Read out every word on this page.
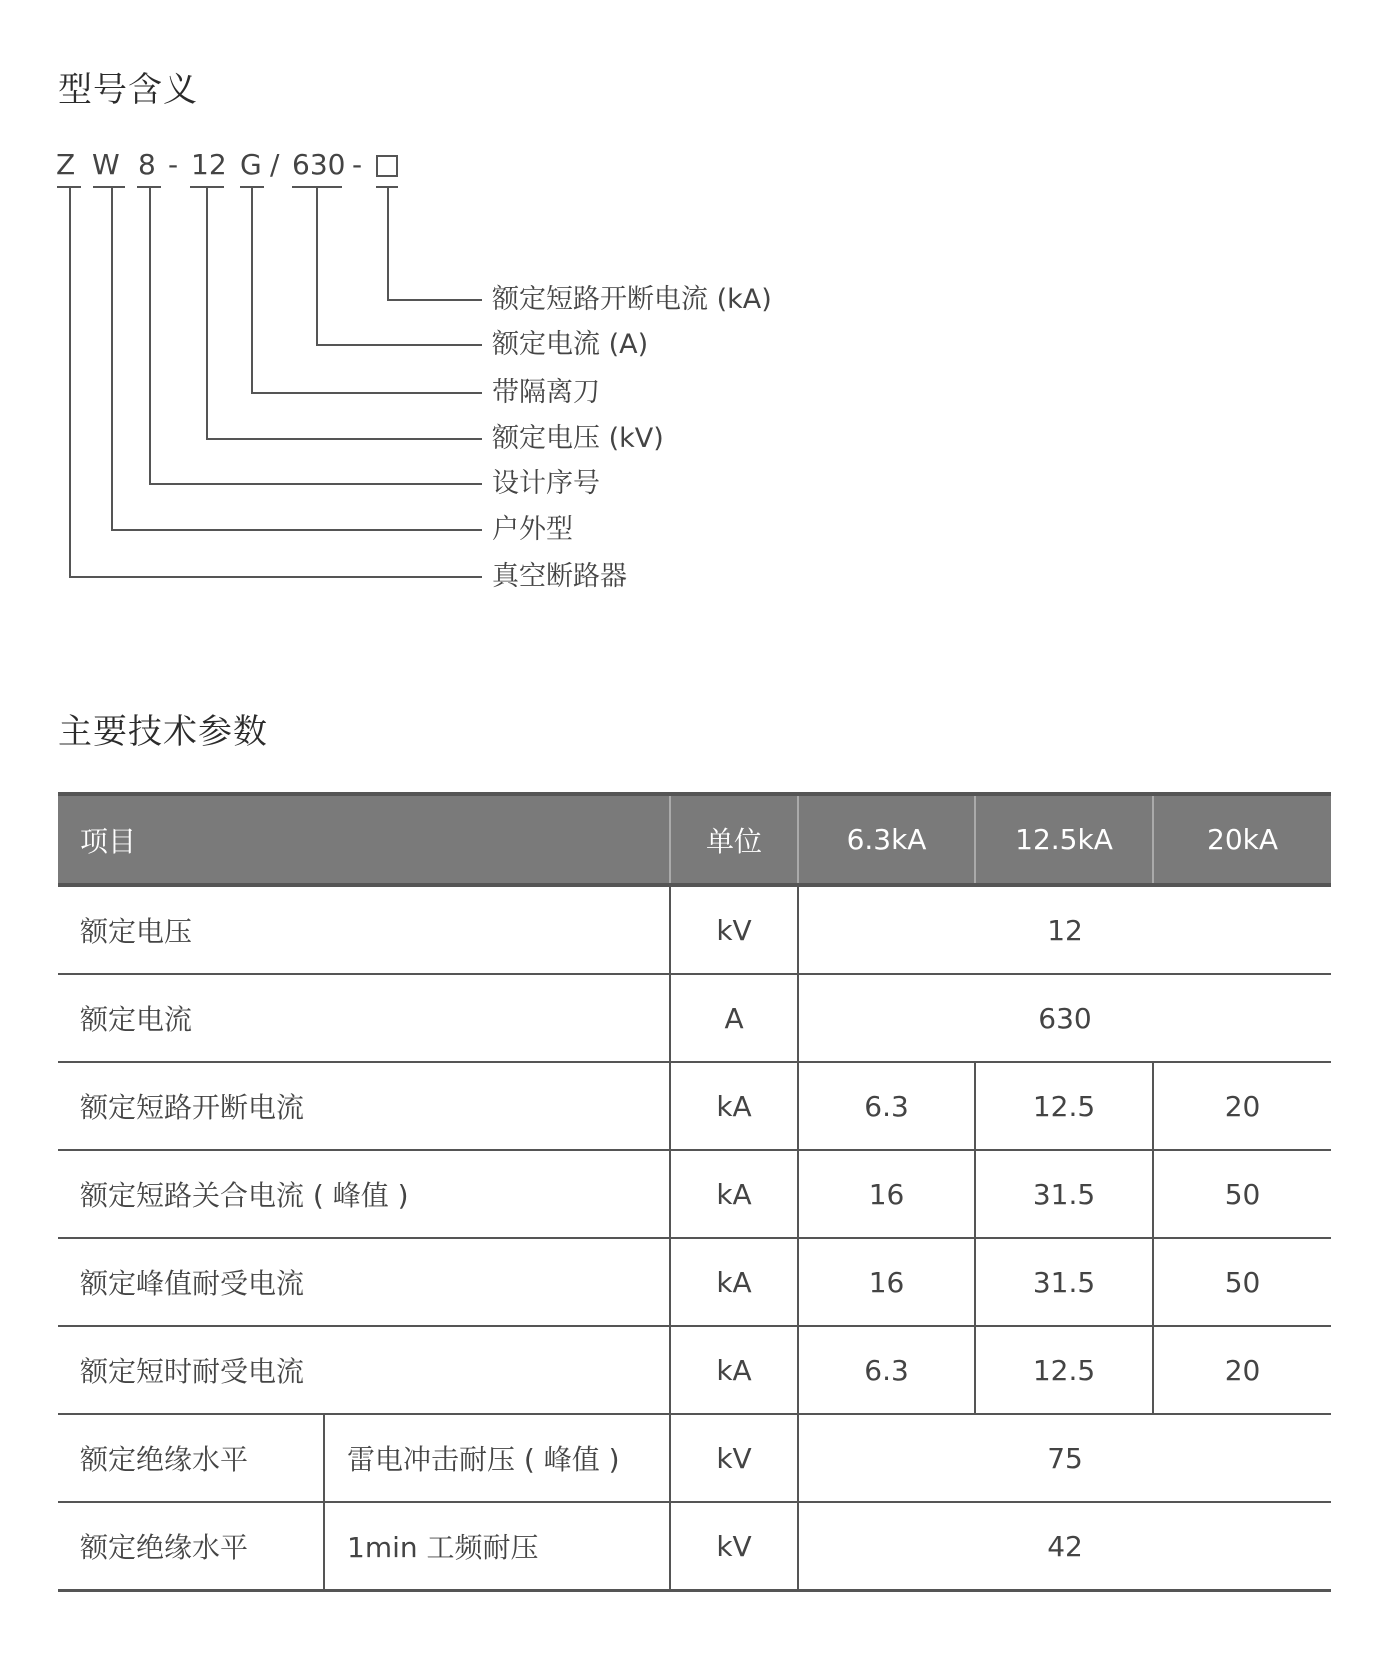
型号含义
Z W 8 - 12 G / 630 -
额定短路开断电流 (kA)
额定电流 (A)
带隔离刀
额定电压 (kV)
设计序号
户外型
真空断路器
主要技术参数
项目		单位	6.3kA	12.5kA	20kA
额定电压		kV	12		
额定电流		A	630		
额定短路开断电流		kA	6.3	12.5	20
额定短路关合电流 ( 峰值 )		kA	16	31.5	50
额定峰值耐受电流		kA	16	31.5	50
额定短时耐受电流		kA	6.3	12.5	20
额定绝缘水平	雷电冲击耐压 ( 峰值 )	kV	75		
额定绝缘水平	1min 工频耐压	kV	42		
